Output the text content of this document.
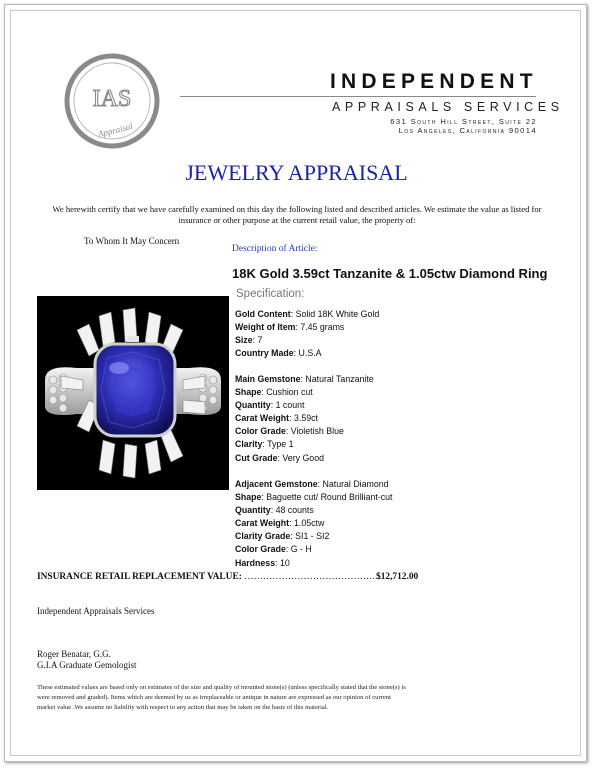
IAS
Appraisal
INDEPENDENT
APPRAISALS SERVICES
631 South Hill Street, Suite 22
Los Angeles, California 90014
JEWELRY APPRAISAL
We herewith certify that we have carefully examined on this day the following listed and described articles. We estimate the value as listed for
insurance or other purpose at the current retail value, the property of:
To Whom It May Concern
Description of Article:
18K Gold 3.59ct Tanzanite & 1.05ctw Diamond Ring
Specification:
Gold Content: Solid 18K White Gold
Weight of Item: 7.45 grams
Size: 7
Country Made: U.S.A
Main Gemstone: Natural Tanzanite
Shape: Cushion cut
Quantity: 1 count
Carat Weight: 3.59ct
Color Grade: Violetish Blue
Clarity: Type 1
Cut Grade: Very Good
Adjacent Gemstone: Natural Diamond
Shape: Baguette cut/ Round Brilliant-cut
Quantity: 48 counts
Carat Weight: 1.05ctw
Clarity Grade: SI1 - SI2
Color Grade: G - H
Hardness: 10
INSURANCE RETAIL REPLACEMENT VALUE: ………………………………………
$12,712.00
Independent Appraisals Services
Roger Benatar, G.G.
G.I.A Graduate Gemologist
These estimated values are based only on estimates of the size and quality of mounted stone(s) (unless specifically stated that the stone(s) is
were removed and graded). Items which are deemed by us as irreplaceable or antique in nature are expressed as our opinion of current
market value .We assume no liability with respect to any action that may be taken on the basis of this material.
